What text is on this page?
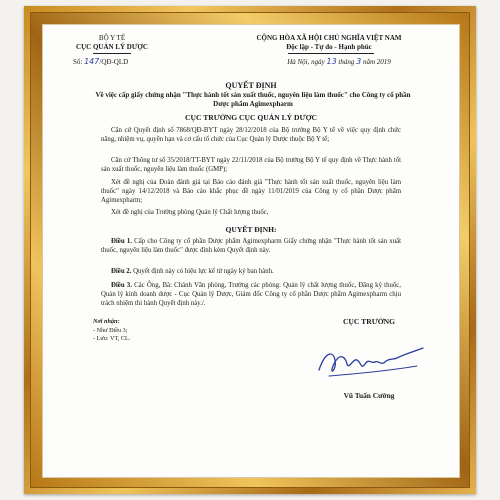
BỘ Y TẾ
CỤC QUẢN LÝ DƯỢC
Số: 147/QĐ-QLD
CỘNG HÒA XÃ HỘI CHỦ NGHĨA VIỆT NAM
Độc lập - Tự do - Hạnh phúc
Hà Nội, ngày 13 tháng 3 năm 2019
QUYẾT ĐỊNH
Về việc cấp giấy chứng nhận "Thực hành tốt sản xuất thuốc, nguyên liệu làm thuốc" cho Công ty cổ phần Dược phẩm Agimexpharm
CỤC TRƯỞNG CỤC QUẢN LÝ DƯỢC
Căn cứ Quyết định số 7868/QĐ-BYT ngày 28/12/2018 của Bộ trưởng Bộ Y tế về việc quy định chức năng, nhiệm vụ, quyền hạn và cơ cấu tổ chức của Cục Quản lý Dược thuộc Bộ Y tế;
Căn cứ Thông tư số 35/2018/TT-BYT ngày 22/11/2018 của Bộ trưởng Bộ Y tế quy định về Thực hành tốt sản xuất thuốc, nguyên liệu làm thuốc (GMP);
Xét đề nghị của Đoàn đánh giá tại Báo cáo đánh giá "Thực hành tốt sản xuất thuốc, nguyên liệu làm thuốc" ngày 14/12/2018 và Báo cáo khắc phục đề ngày 11/01/2019 của Công ty cổ phần Dược phẩm Agimexpharm;
Xét đề nghị của Trưởng phòng Quản lý Chất lượng thuốc,
QUYẾT ĐỊNH:
Điều 1. Cấp cho Công ty cổ phần Dược phẩm Agimexpharm Giấy chứng nhận "Thực hành tốt sản xuất thuốc, nguyên liệu làm thuốc" được đính kèm Quyết định này.
Điều 2. Quyết định này có hiệu lực kể từ ngày ký ban hành.
Điều 3. Các Ông, Bà: Chánh Văn phòng, Trưởng các phòng: Quản lý chất lượng thuốc, Đăng ký thuốc, Quản lý kinh doanh dược - Cục Quản lý Dược, Giám đốc Công ty cổ phần Dược phẩm Agimexpharm chịu trách nhiệm thi hành Quyết định này./.
Nơi nhận:
- Như Điều 3;
- Lưu: VT, CL.
CỤC TRƯỞNG
Vũ Tuấn Cường
